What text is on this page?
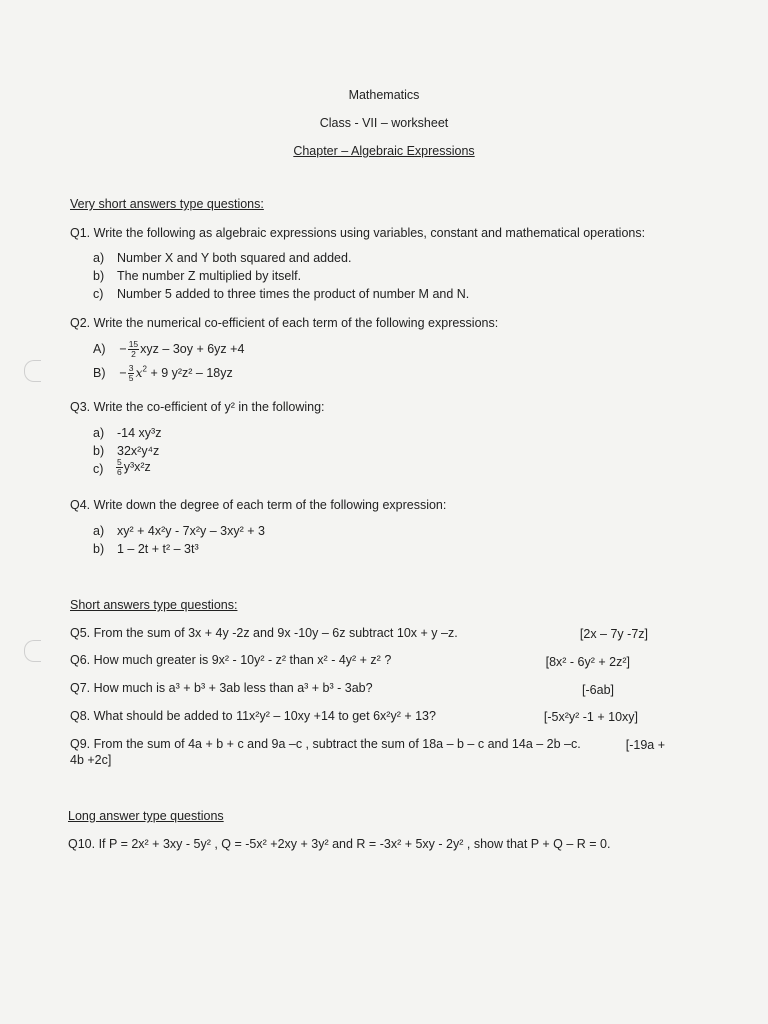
Mathematics
Class - VII – worksheet
Chapter – Algebraic Expressions
Very short answers type questions:
Q1. Write the following as algebraic expressions using variables, constant and mathematical operations:
a) Number X and Y both squared and added.
b) The number Z multiplied by itself.
c) Number 5 added to three times the product of number M and N.
Q2. Write the numerical co-efficient of each term of the following expressions:
A)    − $\frac{15}{2}$ xyz – 3oy + 6yz +4
B)    − $\frac{3}{5} x^2 + 9$ y²z² – 18yz
Q3. Write the co-efficient of y² in the following:
a) -14 xy³z
b) 32x²y⁴z
$c) \frac{5}{6} y^3x^2z$
Q4. Write down the degree of each term of the following expression:
a) xy² + 4x²y - 7x²y – 3xy² + 3
b) 1 – 2t + t² – 3t³
Short answers type questions:
Q5. From the sum of 3x + 4y -2z and 9x -10y – 6z subtract 10x + y –z.	[2x – 7y -7z]
Q6. How much greater is 9x² - 10y² - z² than x² - 4y² + z² ?	[8x² - 6y² + 2z²]
Q7. How much is a³ + b³ + 3ab less than a³ + b³ - 3ab?	[-6ab]
Q8. What should be added to 11x²y² – 10xy +14 to get 6x²y² + 13?	[-5x²y² -1 + 10xy]
Q9. From the sum of 4a + b + c and 9a –c , subtract the sum of 18a – b – c and 14a – 2b –c.	[-19a +
4b +2c]
Long answer type questions
Q10. If P = 2x² + 3xy - 5y² , Q = -5x² +2xy + 3y² and R = -3x² + 5xy - 2y² , show that P + Q – R = 0.
